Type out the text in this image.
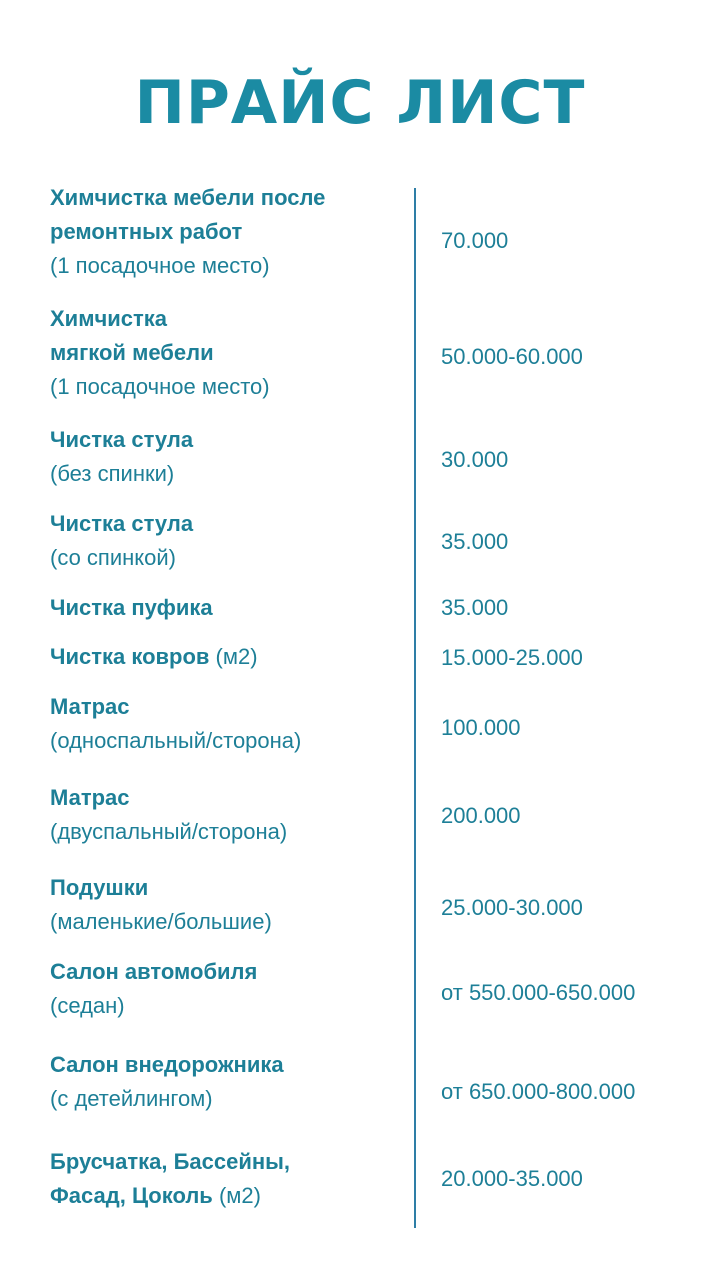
ПРАЙС ЛИСТ
Химчистка мебели после
ремонтных работ
(1 посадочное место)
70.000
Химчистка
мягкой мебели
(1 посадочное место)
50.000-60.000
Чистка стула
(без спинки)
30.000
Чистка стула
(со спинкой)
35.000
Чистка пуфика	35.000
Чистка ковров (м2)	15.000-25.000
Матрас
(односпальный/сторона)
100.000
Матрас
(двуспальный/сторона)
200.000
Подушки
(маленькие/большие)
25.000-30.000
Салон автомобиля
(седан)
от 550.000-650.000
Салон внедорожника
(с детейлингом)	от 650.000-800.000
Брусчатка, Бассейны,
Фасад, Цоколь (м2)
20.000-35.000
